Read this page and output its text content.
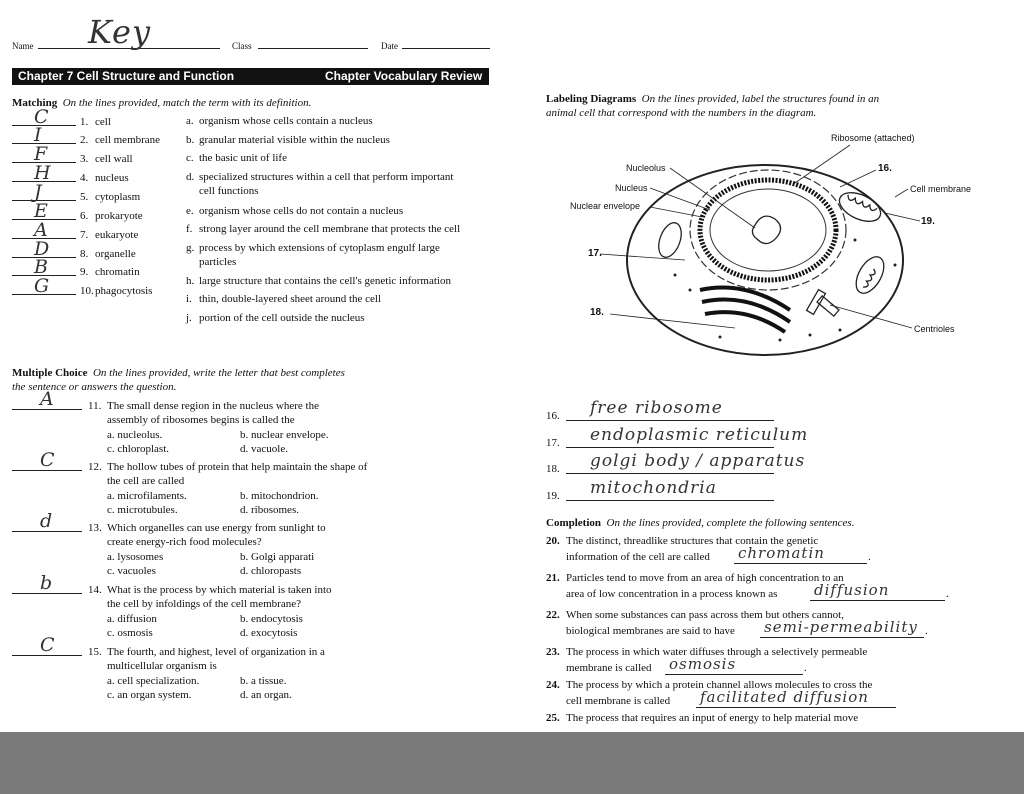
Name Key	Class	Date
Chapter 7 Cell Structure and Function	Chapter Vocabulary Review
Matching On the lines provided, match the term with its definition.
C	1. cell
I	2. cell membrane
F	3. cell wall
H	4. nucleus
J	5. cytoplasm
E	6. prokaryote
A	7. eukaryote
D	8. organelle
B	9. chromatin
G	10. phagocytosis
a. organism whose cells contain a nucleus
b. granular material visible within the nucleus
c. the basic unit of life
d. specialized structures within a cell that perform important
cell functions
e. organism whose cells do not contain a nucleus
f. strong layer around the cell membrane that protects the cell
g. process by which extensions of cytoplasm engulf large
particles
h. large structure that contains the cell's genetic information
i. thin, double-layered sheet around the cell
j. portion of the cell outside the nucleus
Multiple Choice On the lines provided, write the letter that best completes
the sentence or answers the question.
A	11. The small dense region in the nucleus where the
assembly of ribosomes begins is called the
a. nucleolus.	b. nuclear envelope.
c. chloroplast.	d. vacuole.
C	12. The hollow tubes of protein that help maintain the shape of
the cell are called
a. microfilaments.	b. mitochondrion.
c. microtubules.	d. ribosomes.
d	13. Which organelles can use energy from sunlight to
create energy-rich food molecules?
a. lysosomes	b. Golgi apparati
c. vacuoles	d. chloropasts
b	14. What is the process by which material is taken into
the cell by infoldings of the cell membrane?
a. diffusion	b. endocytosis
c. osmosis	d. exocytosis
C	15. The fourth, and highest, level of organization in a
multicellular organism is
a. cell specialization.	b. a tissue.
c. an organ system.	d. an organ.
Labeling Diagrams On the lines provided, label the structures found in an
animal cell that correspond with the numbers in the diagram.
Ribosome (attached)
Nucleolus
Nucleus
Nuclear envelope
16.
Cell membrane
19.
17.
18.
Centrioles
16. free ribosome
17. endoplasmic reticulum
18. golgi body / apparatus
19. mitochondria
Completion On the lines provided, complete the following sentences.
20. The distinct, threadlike structures that contain the genetic
information of the cell are called chromatin	.
21. Particles tend to move from an area of high concentration to an
area of low concentration in a process known as diffusion	.
22. When some substances can pass across them but others cannot,
biological membranes are said to have semi-permeability .
23. The process in which water diffuses through a selectively permeable
membrane is called osmosis	.
24. The process by which a protein channel allows molecules to cross the
cell membrane is called facilitated diffusion
25. The process that requires an input of energy to help material move
